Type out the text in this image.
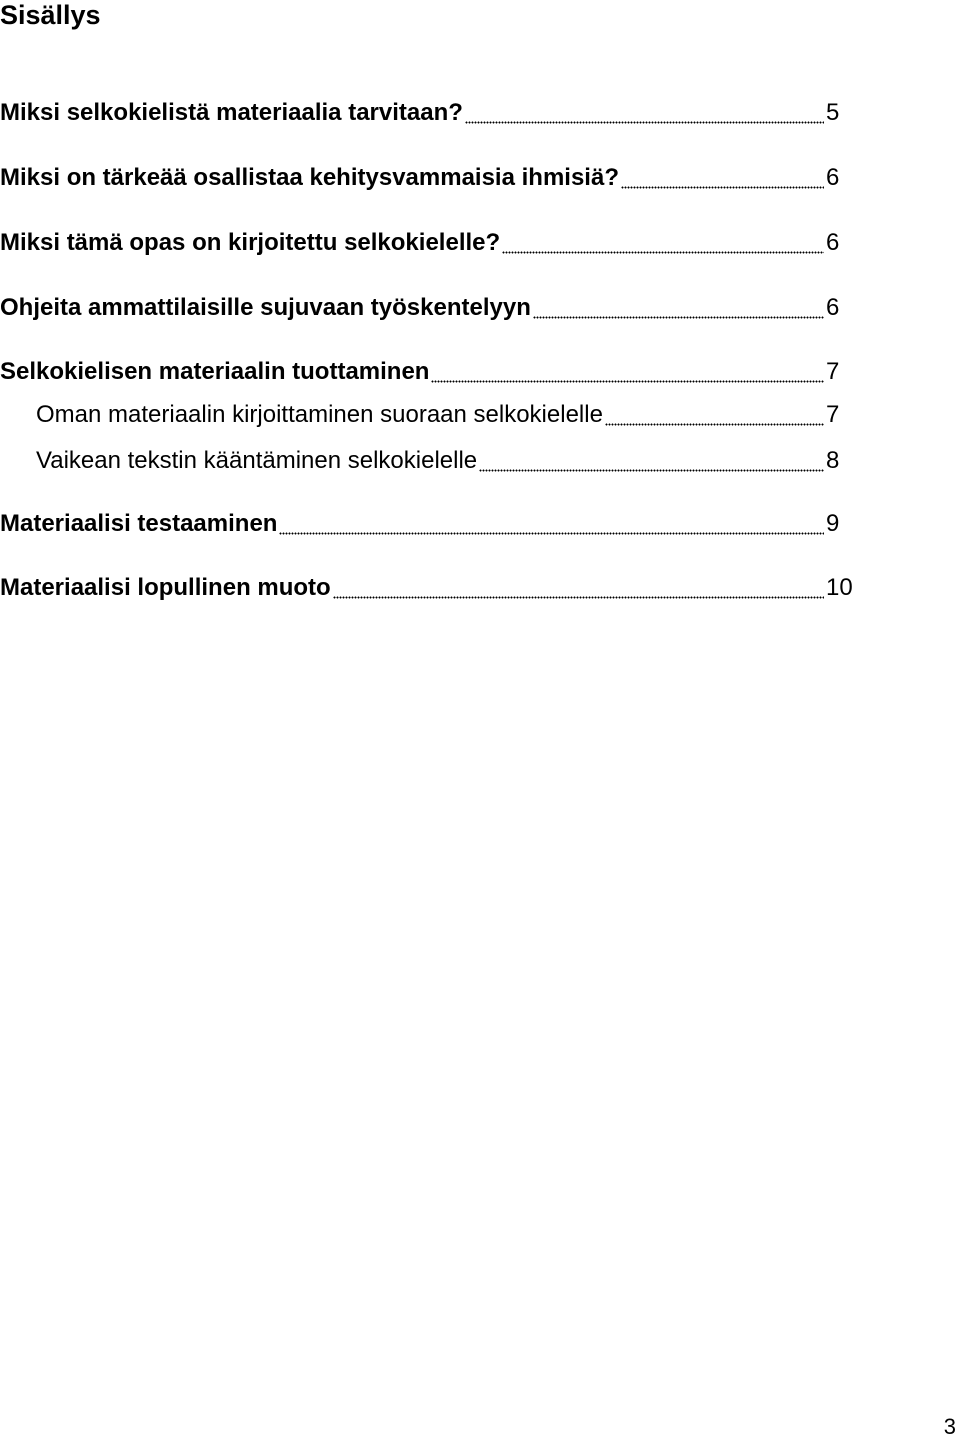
Sisällys
Miksi selkokielistä materiaalia tarvitaan?	5
Miksi on tärkeää osallistaa kehitysvammaisia ihmisiä?	6
Miksi tämä opas on kirjoitettu selkokielelle?	6
Ohjeita ammattilaisille sujuvaan työskentelyyn	6
Selkokielisen materiaalin tuottaminen	7
Oman materiaalin kirjoittaminen suoraan selkokielelle	7
Vaikean tekstin kääntäminen selkokielelle	8
Materiaalisi testaaminen	9
Materiaalisi lopullinen muoto	10
3
